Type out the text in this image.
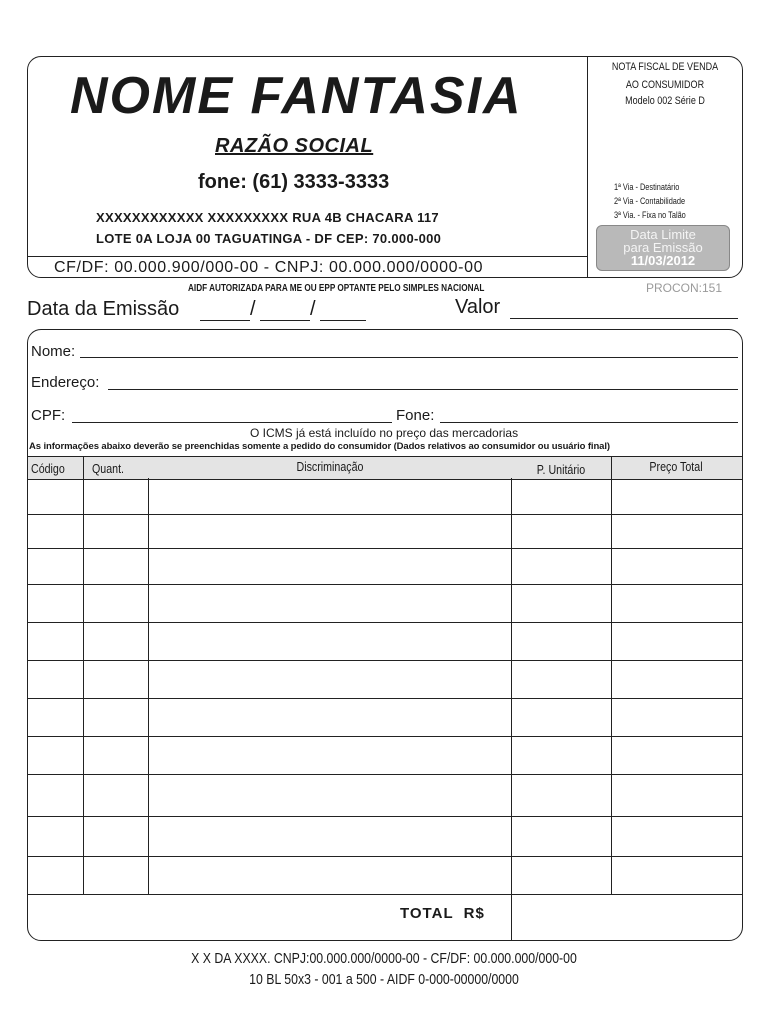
NOME FANTASIA
RAZÃO SOCIAL
fone: (61) 3333-3333
XXXXXXXXXXXX XXXXXXXXX RUA 4B CHACARA 117
LOTE 0A LOJA 00 TAGUATINGA - DF CEP: 70.000-000
CF/DF: 00.000.900/000-00 - CNPJ: 00.000.000/0000-00
NOTA FISCAL DE VENDA
AO CONSUMIDOR
Modelo 002 Série D
1ª Via - Destinatário
2ª Via - Contabilidade
3ª Via. - Fixa no Talão
Data Limite
para Emissão
11/03/2012
AIDF AUTORIZADA PARA ME OU EPP OPTANTE PELO SIMPLES NACIONAL	PROCON:151
Data da Emissão	/	/	Valor
Nome:
Endereço:
CPF:	Fone:
O ICMS já está incluído no preço das mercadorias
As informações abaixo deverão se preenchidas somente a pedido do consumidor (Dados relativos ao consumidor ou usuário final)
Código Quant.	Discriminação	P. Unitário	Preço Total
TOTAL  R$
X X DA XXXX. CNPJ:00.000.000/0000-00 - CF/DF: 00.000.000/000-00
10 BL 50x3 - 001 a 500 - AIDF 0-000-00000/0000
